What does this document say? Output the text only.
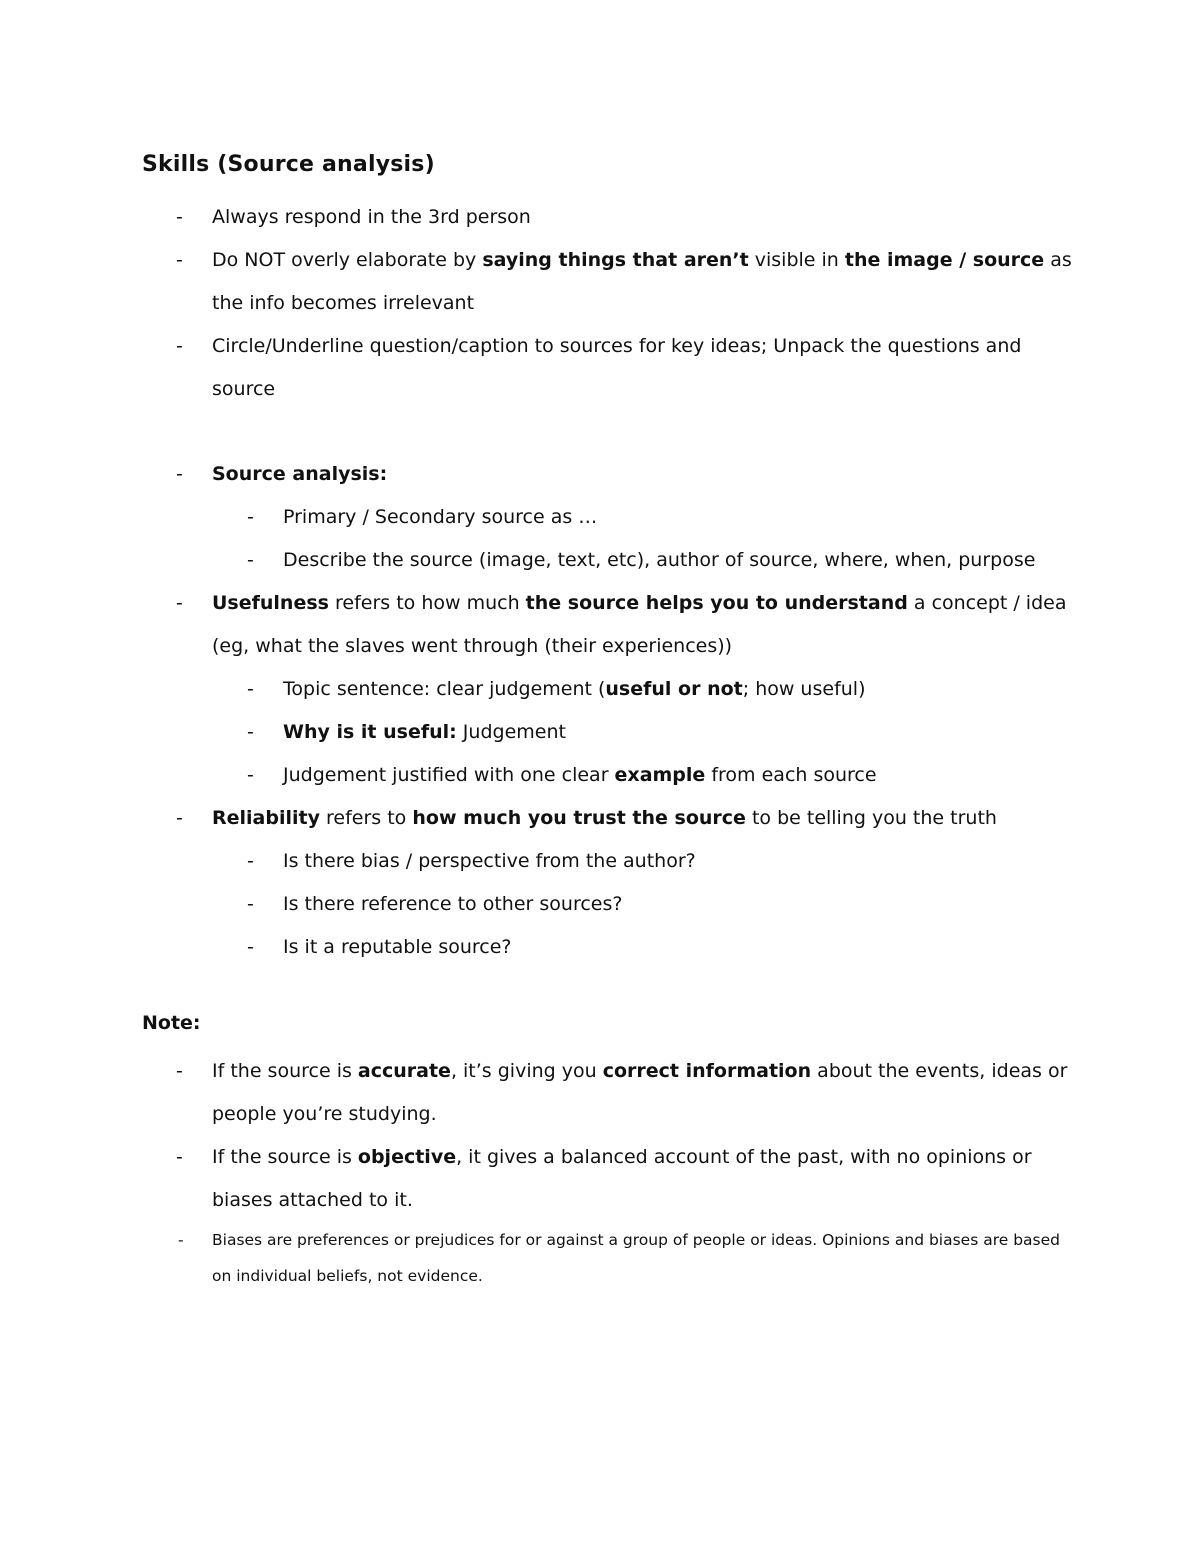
Skills (Source analysis)
-	Always respond in the 3rd person
-	Do NOT overly elaborate by saying things that aren’t visible in the image / source as the info becomes irrelevant
-	Circle/Underline question/caption to sources for key ideas; Unpack the questions and source
-	Source analysis:
-	Primary / Secondary source as …
-	Describe the source (image, text, etc), author of source, where, when, purpose
-	Usefulness refers to how much the source helps you to understand a concept / idea (eg, what the slaves went through (their experiences))
-	Topic sentence: clear judgement (useful or not; how useful)
-	Why is it useful: Judgement
-	Judgement justified with one clear example from each source
-	Reliability refers to how much you trust the source to be telling you the truth
-	Is there bias / perspective from the author?
-	Is there reference to other sources?
-	Is it a reputable source?
Note:
-	If the source is accurate, it’s giving you correct information about the events, ideas or people you’re studying.
-	If the source is objective, it gives a balanced account of the past, with no opinions or biases attached to it.
-	Biases are preferences or prejudices for or against a group of people or ideas. Opinions and biases are based on individual beliefs, not evidence.
